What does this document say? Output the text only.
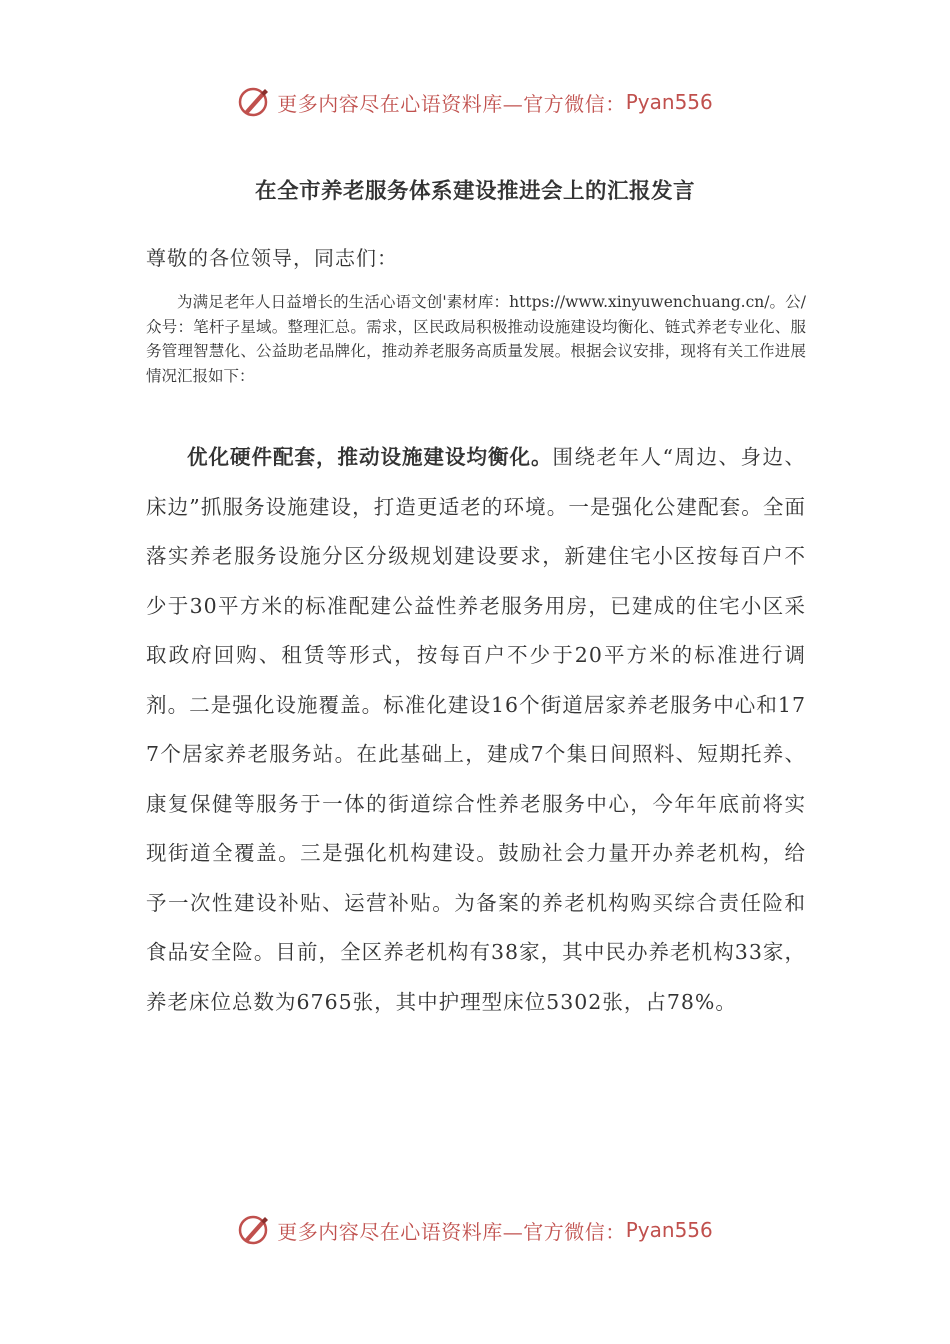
更多内容尽在心语资料库—官方微信： Pyan556
在全市养老服务体系建设推进会上的汇报发言
尊敬的各位领导，同志们：
为满足老年人日益增长的生活心语文创'素材库：https://www.xinyuwenchuang.cn/。公/众号：笔杆子星域。整理汇总。需求，区民政局积极推动设施建设均衡化、链式养老专业化、服务管理智慧化、公益助老品牌化，推动养老服务高质量发展。根据会议安排，现将有关工作进展情况汇报如下：
优化硬件配套，推动设施建设均衡化。围绕老年人“周边、身边、床边”抓服务设施建设，打造更适老的环境。一是强化公建配套。全面落实养老服务设施分区分级规划建设要求，新建住宅小区按每百户不少于30平方米的标准配建公益性养老服务用房，已建成的住宅小区采取政府回购、租赁等形式，按每百户不少于20平方米的标准进行调剂。二是强化设施覆盖。标准化建设16个街道居家养老服务中心和177个居家养老服务站。在此基础上，建成7个集日间照料、短期托养、康复保健等服务于一体的街道综合性养老服务中心，今年年底前将实现街道全覆盖。三是强化机构建设。鼓励社会力量开办养老机构，给予一次性建设补贴、运营补贴。为备案的养老机构购买综合责任险和食品安全险。目前，全区养老机构有38家，其中民办养老机构33家，养老床位总数为6765张，其中护理型床位5302张，占78%。
更多内容尽在心语资料库—官方微信： Pyan556
